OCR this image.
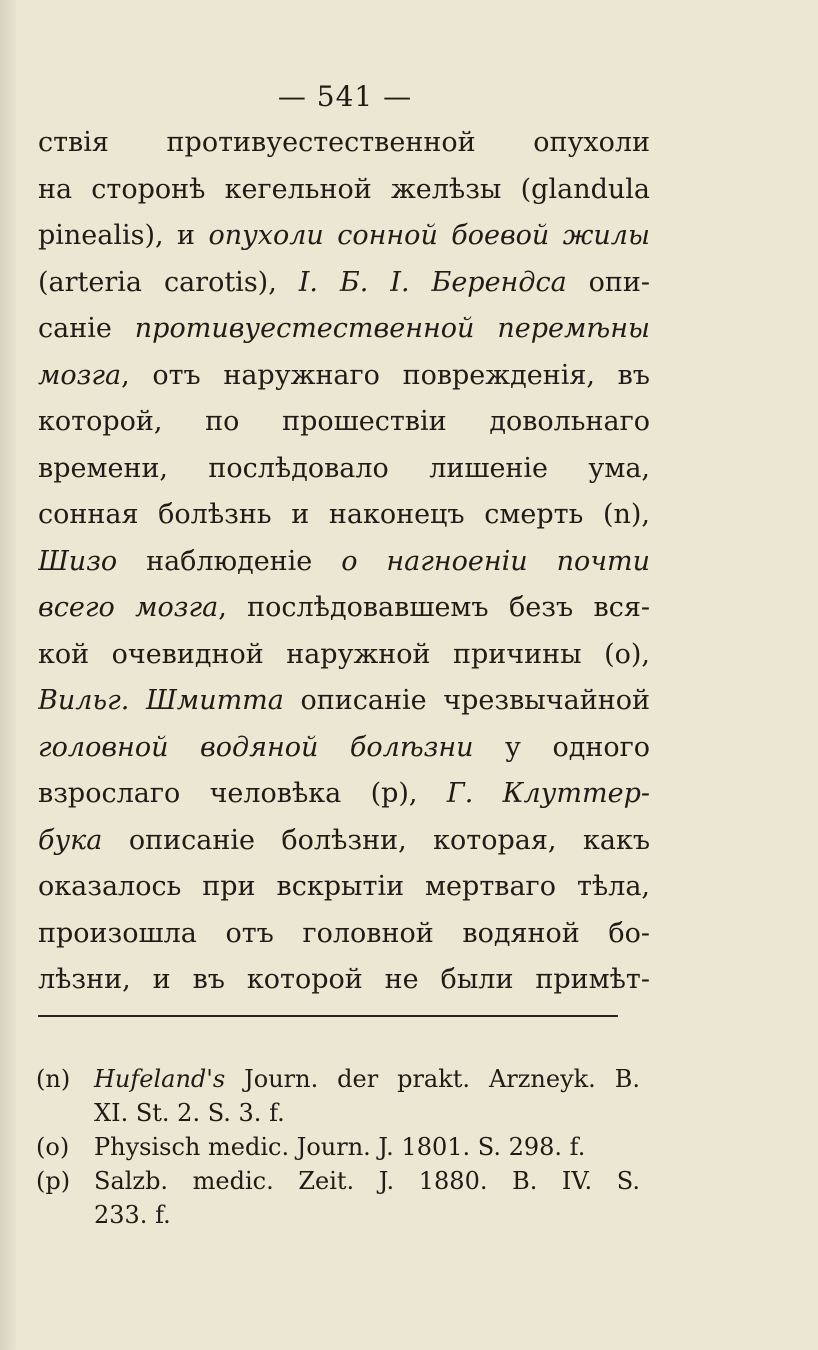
— 541 —
ствія противуестественной опухоли
на сторонѣ кегельной желѣзы (glandula
pinealis), и опухоли сонной боевой жилы
(arteria carotis), I. Б. I. Берендса опи-
саніе противуестественной перемѣны
мозга, отъ наружнаго поврежденія, въ
которой, по прошествіи довольнаго
времени, послѣдовало лишеніе ума,
сонная болѣзнь и наконецъ смерть (n),
Шизо наблюденіе о нагноеніи почти
всего мозга, послѣдовавшемъ безъ вся-
кой очевидной наружной причины (o),
Вильг. Шмитта описаніе чрезвычайной
головной водяной болѣзни у одного
взрослаго человѣка (p), Г. Клуттер-
бука описаніе болѣзни, которая, какъ
оказалось при вскрытіи мертваго тѣла,
произошла отъ головной водяной бо-
лѣзни, и въ которой не были примѣт-
(n) Hufeland's Journ. der prakt. Arzneyk. B.
XI. St. 2. S. 3. f.
(o)	Physisch medic. Journ. J. 1801. S. 298. f.
(p) Salzb. medic. Zeit. J. 1880. B. IV. S.
233. f.
